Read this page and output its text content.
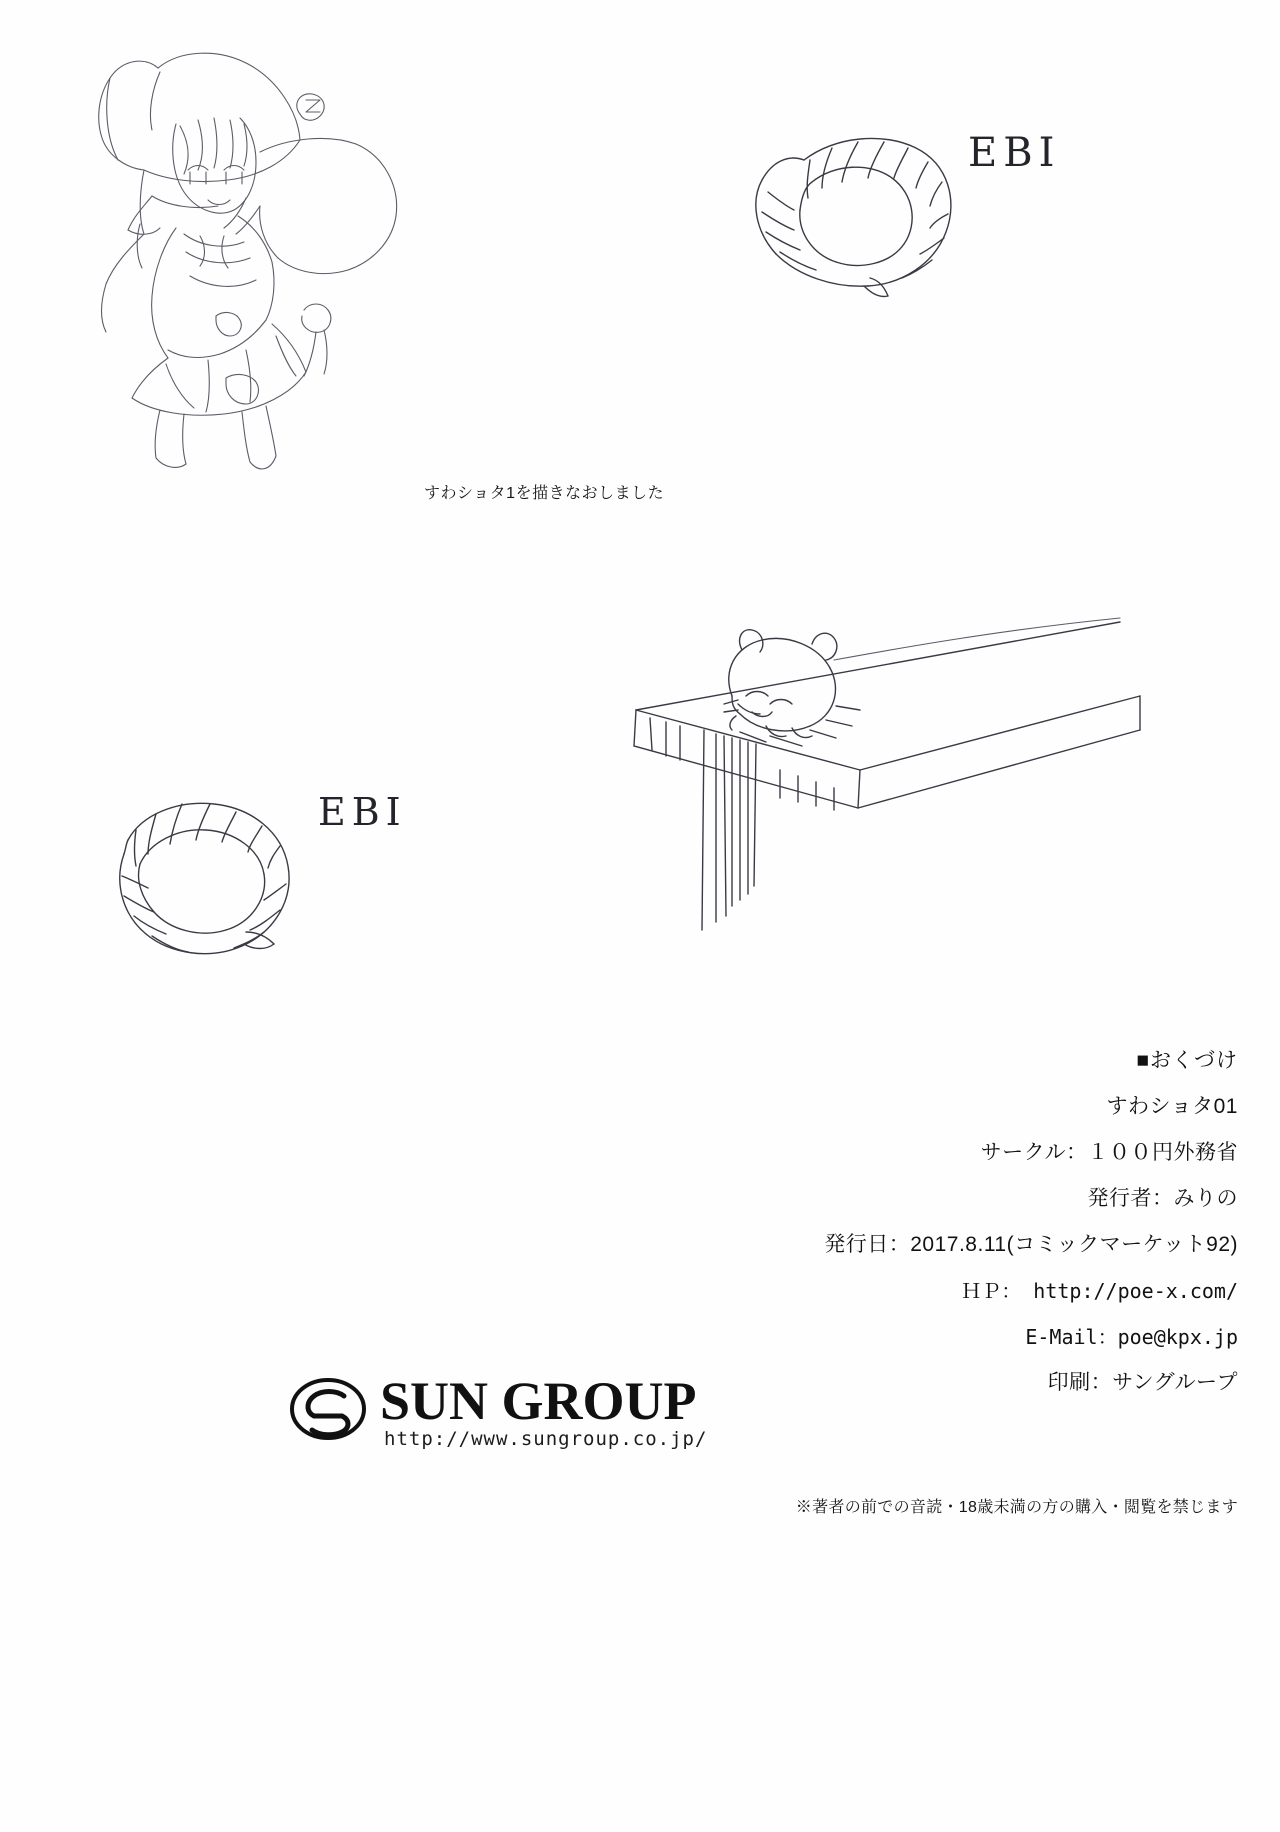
すわショタ1を描きなおしました
EBI
EBI
■おくづけ
すわショタ01
サークル：１００円外務省
発行者：みりの
発行日：2017.8.11(コミックマーケット92)
ＨＰ： http://poe-x.com/
E-Mail：poe@kpx.jp
印刷：サングループ
SUN GROUP
http://www.sungroup.co.jp/
※著者の前での音読・18歳未満の方の購入・閲覧を禁じます
